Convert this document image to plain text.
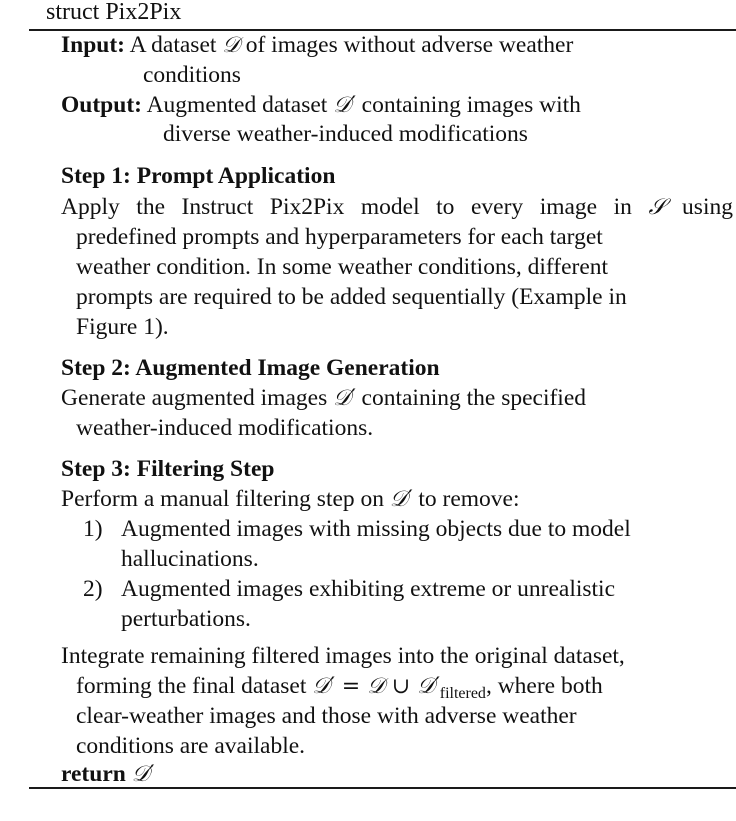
struct Pix2Pix
Input: A dataset 𝒟 of images without adverse weather
conditions
Output: Augmented dataset 𝒟′ containing images with
diverse weather-induced modifications
Step 1: Prompt Application
Apply the Instruct Pix2Pix model to every image in 𝒮 using
predefined prompts and hyperparameters for each target
weather condition. In some weather conditions, different
prompts are required to be added sequentially (Example in
Figure 1).
Step 2: Augmented Image Generation
Generate augmented images 𝒟′ containing the specified
weather-induced modifications.
Step 3: Filtering Step
Perform a manual filtering step on 𝒟′ to remove:
1) Augmented images with missing objects due to model
hallucinations.
2) Augmented images exhibiting extreme or unrealistic
perturbations.
Integrate remaining filtered images into the original dataset,
forming the final dataset 𝒟′ = 𝒟 ∪ $𝒟'_{filtered}$, where both
clear-weather images and those with adverse weather
conditions are available.
return 𝒟′
